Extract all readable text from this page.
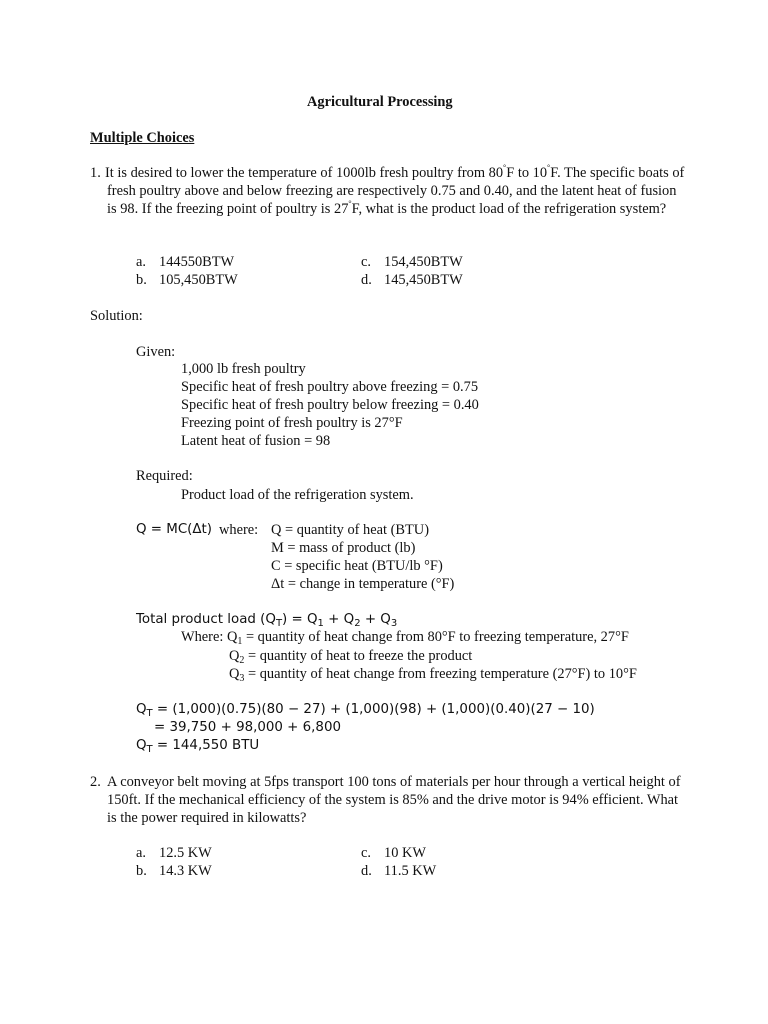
Agricultural Processing
Multiple Choices
1. It is desired to lower the temperature of 1000lb fresh poultry from 80°F to 10°F. The specific boats of fresh poultry above and below freezing are respectively 0.75 and 0.40, and the latent heat of fusion is 98. If the freezing point of poultry is 27°F, what is the product load of the refrigeration system?
a. 144550BTW
b. 105,450BTW
c. 154,450BTW
d. 145,450BTW
Solution:
Given:
1,000 lb fresh poultry
Specific heat of fresh poultry above freezing = 0.75
Specific heat of fresh poultry below freezing = 0.40
Freezing point of fresh poultry is 27°F
Latent heat of fusion = 98
Required:
Product load of the refrigeration system.
Q = MC(Δt) where: Q = quantity of heat (BTU)
M = mass of product (lb)
C = specific heat (BTU/lb °F)
Δt = change in temperature (°F)
Total product load $(Q_T) = Q_1 + Q_2 + Q_3$
Where: $Q_1$ = quantity of heat change from 80°F to freezing temperature, 27°F
$Q_2$ = quantity of heat to freeze the product
$Q_3$ = quantity of heat change from freezing temperature (27°F) to 10°F
$Q_T = (1,000)(0.75)(80 - 27) + (1,000)(98) + (1,000)(0.40)(27 - 10)$
= 39,750 + 98,000 + 6,800
$Q_T = 144,550$ BTU
2. A conveyor belt moving at 5fps transport 100 tons of materials per hour through a vertical height of 150ft. If the mechanical efficiency of the system is 85% and the drive motor is 94% efficient. What is the power required in kilowatts?
a. 12.5 KW
b. 14.3 KW
c. 10 KW
d. 11.5 KW
